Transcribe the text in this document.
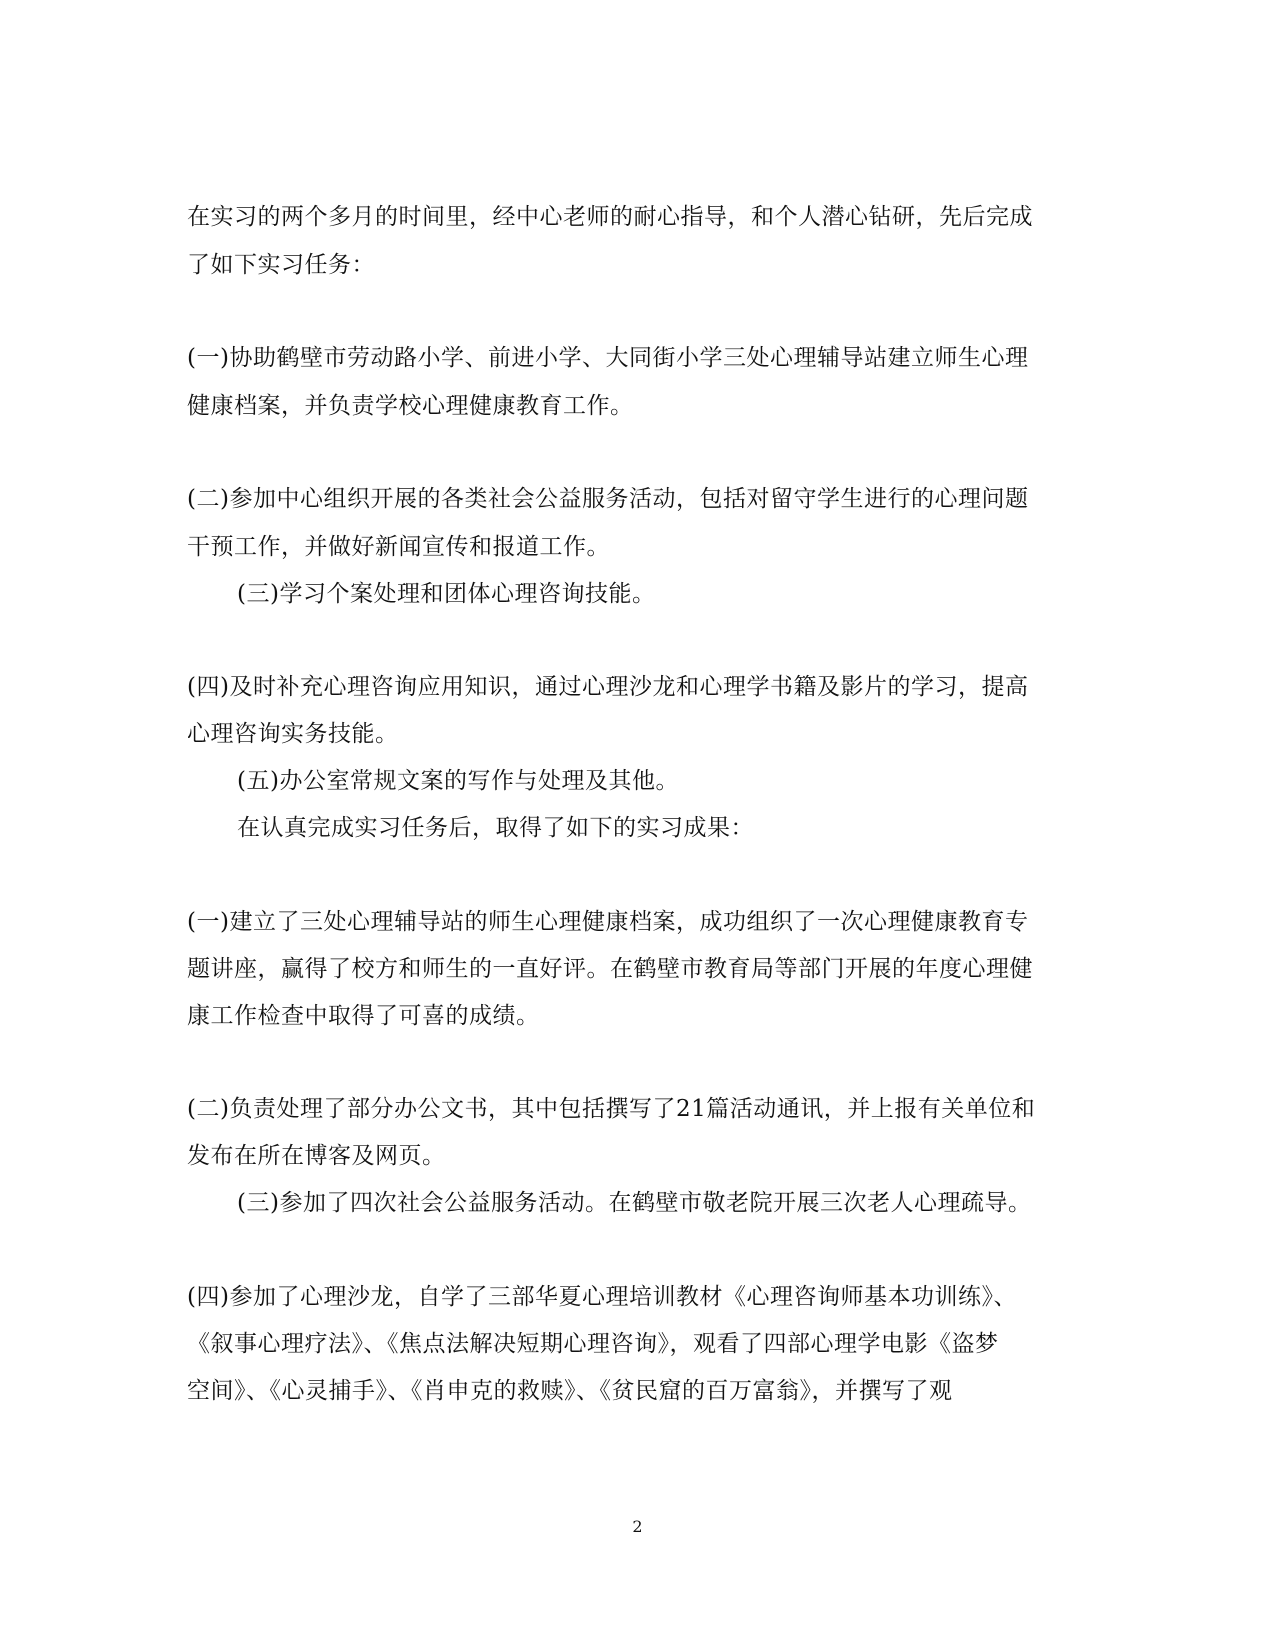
在实习的两个多月的时间里，经中心老师的耐心指导，和个人潜心钻研，先后完成
了如下实习任务：
(一)协助鹤壁市劳动路小学、前进小学、大同街小学三处心理辅导站建立师生心理
健康档案，并负责学校心理健康教育工作。
(二)参加中心组织开展的各类社会公益服务活动，包括对留守学生进行的心理问题
干预工作，并做好新闻宣传和报道工作。
(三)学习个案处理和团体心理咨询技能。
(四)及时补充心理咨询应用知识，通过心理沙龙和心理学书籍及影片的学习，提高
心理咨询实务技能。
(五)办公室常规文案的写作与处理及其他。
在认真完成实习任务后，取得了如下的实习成果：
(一)建立了三处心理辅导站的师生心理健康档案，成功组织了一次心理健康教育专
题讲座，赢得了校方和师生的一直好评。在鹤壁市教育局等部门开展的年度心理健
康工作检查中取得了可喜的成绩。
(二)负责处理了部分办公文书，其中包括撰写了21篇活动通讯，并上报有关单位和
发布在所在博客及网页。
(三)参加了四次社会公益服务活动。在鹤壁市敬老院开展三次老人心理疏导。
(四)参加了心理沙龙，自学了三部华夏心理培训教材《心理咨询师基本功训练》、
《叙事心理疗法》、《焦点法解决短期心理咨询》，观看了四部心理学电影《盗梦
空间》、《心灵捕手》、《肖申克的救赎》、《贫民窟的百万富翁》，并撰写了观
2
